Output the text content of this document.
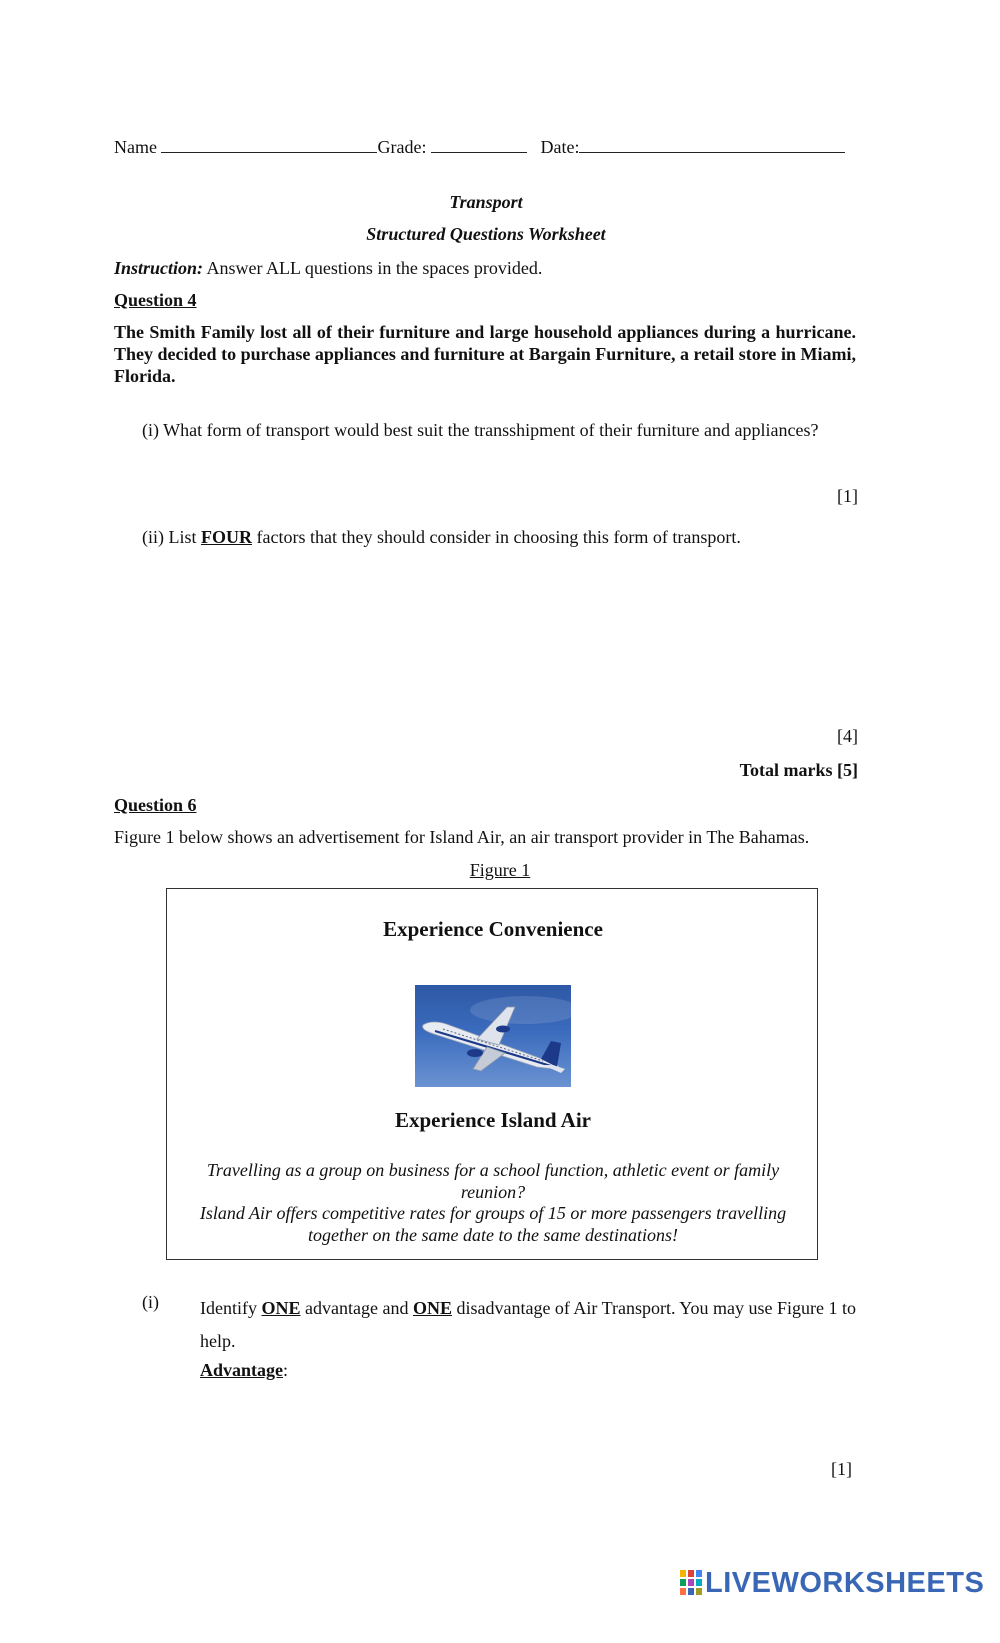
Name	Grade:	Date:
Transport
Structured Questions Worksheet
Instruction: Answer ALL questions in the spaces provided.
Question 4
The Smith Family lost all of their furniture and large household appliances during a hurricane. They decided to purchase appliances and furniture at Bargain Furniture, a retail store in Miami, Florida.
(i) What form of transport would best suit the transshipment of their furniture and appliances?
[1]
(ii) List FOUR factors that they should consider in choosing this form of transport.
[4]
Total marks [5]
Question 6
Figure 1 below shows an advertisement for Island Air, an air transport provider in The Bahamas.
Figure 1
Experience Convenience
Experience Island Air
Travelling as a group on business for a school function, athletic event or family reunion?
Island Air offers competitive rates for groups of 15 or more passengers travelling together on the same date to the same destinations!
(i) Identify ONE advantage and ONE disadvantage of Air Transport. You may use Figure 1 to help.
Advantage:
[1]
LIVEWORKSHEETS
